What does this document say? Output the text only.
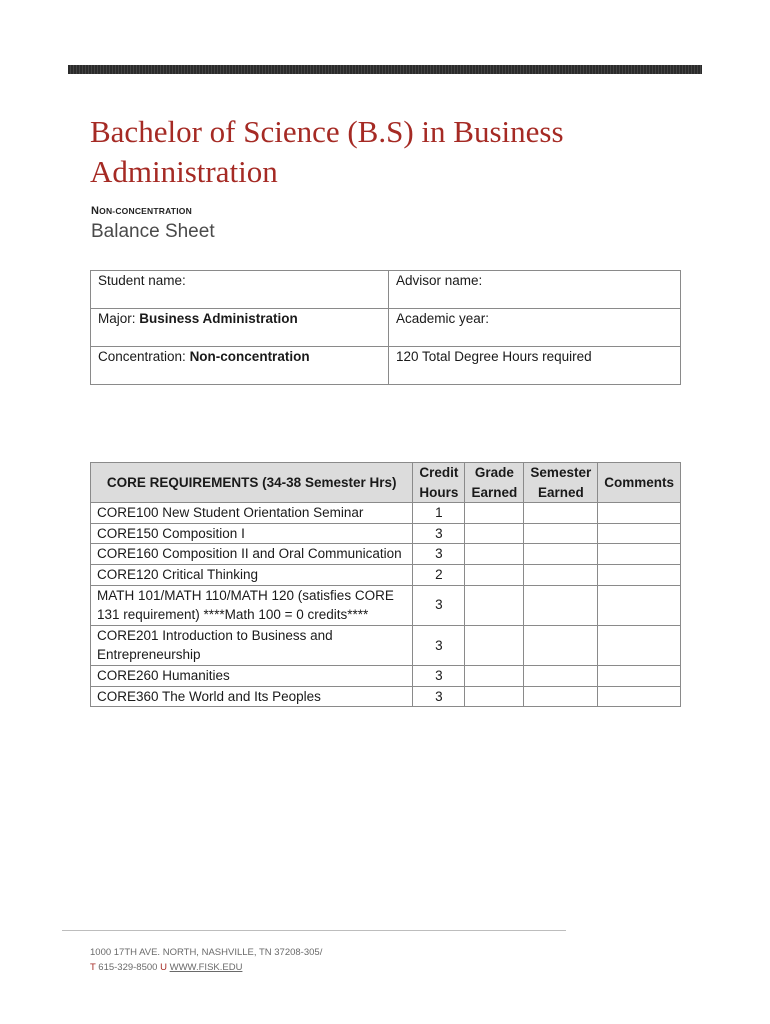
Bachelor of Science (B.S) in Business Administration
NON-CONCENTRATION
Balance Sheet
Student name:	Advisor name:
Major: Business Administration	Academic year:
Concentration: Non-concentration	120 Total Degree Hours required
CORE REQUIREMENTS (34-38 Semester Hrs)	Credit Hours	Grade Earned	Semester Earned	Comments
CORE100 New Student Orientation Seminar	1			
CORE150 Composition I	3			
CORE160 Composition II and Oral Communication	3			
CORE120 Critical Thinking	2			
MATH 101/MATH 110/MATH 120 (satisfies CORE 131 requirement) ****Math 100 = 0 credits****	3			
CORE201 Introduction to Business and Entrepreneurship	3			
CORE260 Humanities	3			
CORE360 The World and Its Peoples	3			
1000 17TH AVE. NORTH, NASHVILLE, TN 37208-305/
T 615-329-8500 U WWW.FISK.EDU
